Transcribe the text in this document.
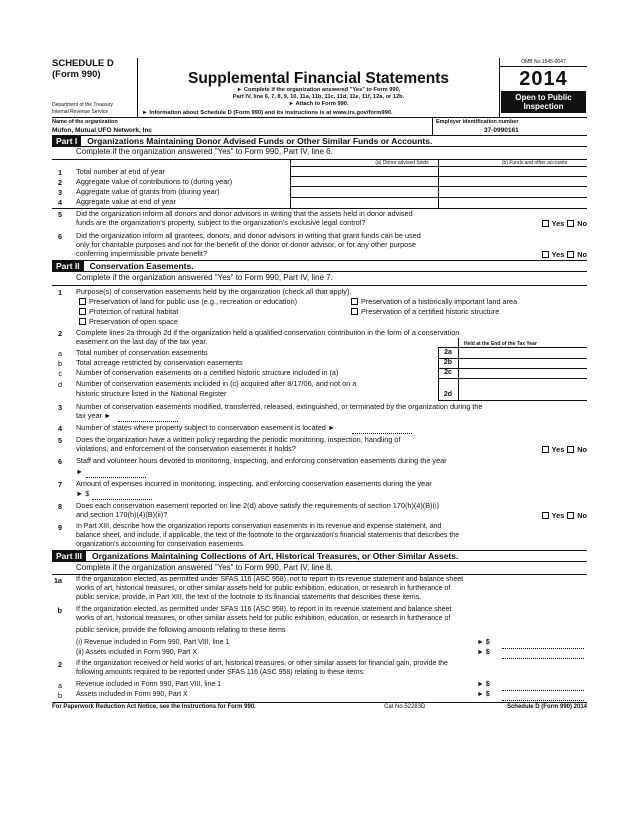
SCHEDULE D
(Form 990)
Department of the Treasury
Internal Revenue Service
Supplemental Financial Statements
► Complete if the organization answered "Yes" to Form 990,
Part IV, line 6, 7, 8, 9, 10, 11a, 11b, 11c, 11d, 11e, 11f, 12a, or 12b.
► Attach to Form 990.
► Information about Schedule D (Form 990) and its instructions is at www.irs.gov/form990.
OMB No 1545-0047
2014
Open to Public
Inspection
Name of the organization	Employer identification number
Mufon, Mutual UFO Network, Inc	37-0990161
Part I Organizations Maintaining Donor Advised Funds or Other Similar Funds or Accounts.
Complete if the organization answered "Yes" to Form 990, Part IV, line 6.
(a) Donor advised funds	(b) Funds and other accounts
1 Total number at end of year
2 Aggregate value of contributions to (during year)
3 Aggregate value of grants from (during year)
4 Aggregate value at end of year
5 Did the organization inform all donors and donor advisors in writing that the assets held in donor advised
funds are the organization's property, subject to the organization's exclusive legal control?	Yes No
6 Did the organization inform all grantees, donors, and donor advisors in writing that grant funds can be used
only for charitable purposes and not for the benefit of the donor or donor advisor, or for any other purpose
conferring impermissible private benefit?	Yes No
Part II Conservation Easements.
Complete if the organization answered "Yes" to Form 990, Part IV, line 7.
1 Purpose(s) of conservation easements held by the organization (check all that apply).
Preservation of land for public use (e.g., recreation or education)	Preservation of a historically important land area
Protection of natural habitat	Preservation of a certified historic structure
Preservation of open space
2 Complete lines 2a through 2d if the organization held a qualified conservation contribution in the form of a conservation
easement on the last day of the tax year.	Held at the End of the Tax Year
a Total number of conservation easements	2a
b Total acreage restricted by conservation easements	2b
c Number of conservation easements on a certified historic structure included in (a)	2c
d Number of conservation easements included in (c) acquired after 8/17/06, and not on a
historic structure listed in the National Register	2d
3 Number of conservation easements modified, transferred, released, extinguished, or terminated by the organization during the
tax year ►
4 Number of states where property subject to conservation easement is located ►
5 Does the organization have a written policy regarding the periodic monitoring, inspection, handling of
violations, and enforcement of the conservation easements it holds?	Yes No
6 Staff and volunteer hours devoted to monitoring, inspecting, and enforcing conservation easements during the year
►
7 Amount of expenses incurred in monitoring, inspecting, and enforcing conservation easements during the year
► $
8 Does each conservation easement reported on line 2(d) above satisfy the requirements of section 170(h)(4)(B)(i)
and section 170(h)(4)(B)(ii)?	Yes No
9 In Part XIII, describe how the organization reports conservation easements in its revenue and expense statement, and
balance sheet, and include, if applicable, the text of the footnote to the organization's financial statements that describes the
organization's accounting for conservation easements.
Part III Organizations Maintaining Collections of Art, Historical Treasures, or Other Similar Assets.
Complete if the organization answered "Yes" to Form 990, Part IV, line 8.
1a If the organization elected, as permitted under SFAS 116 (ASC 958), not to report in its revenue statement and balance sheet
works of art, historical treasures, or other similar assets held for public exhibition, education, or research in furtherance of
public service, provide, in Part XIII, the text of the footnote to its financial statements that describes these items.
b If the organization elected, as permitted under SFAS 116 (ASC 958), to report in its revenue statement and balance sheet
works of art, historical treasures, or other similar assets held for public exhibition, education, or research in furtherance of
public service, provide the following amounts relating to these items
(i) Revenue included in Form 990, Part VIII, line 1	► $
(ii) Assets included in Form 990, Part X	► $
2 If the organization received or held works of art, historical treasures, or other similar assets for financial gain, provide the
following amounts required to be reported under SFAS 116 (ASC 958) relating to these items:
a Revenue included in Form 990, Part VIII, line 1	► $
b Assets included in Form 990, Part X	► $
For Paperwork Reduction Act Notice, see the Instructions for Form 990.	Cat No 52283D	Schedule D (Form 990) 2014
